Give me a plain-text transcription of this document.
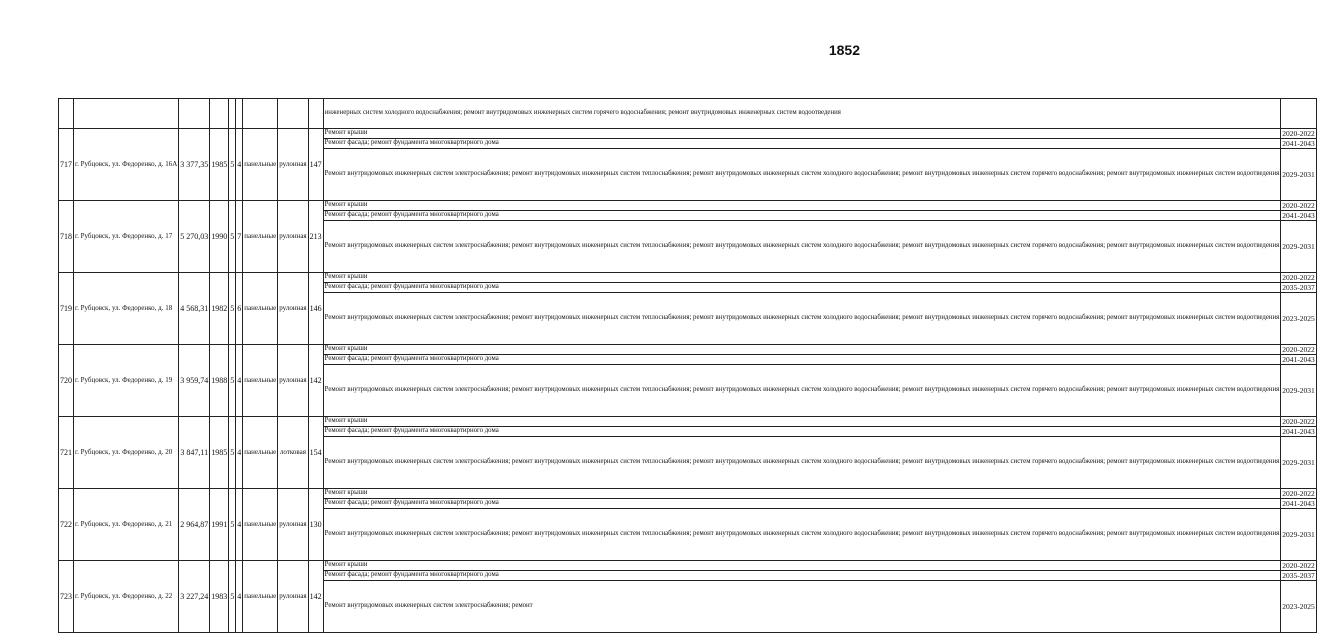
1852
									инженерных систем холодного водоснабжения; ремонт внутридомовых инженерных систем горячего водоснабжения; ремонт внутридомовых инженерных систем водоотведения	
717	г. Рубцовск, ул. Федоренко, д. 16А	3 377,35	1985	5	4	панельные	рулонная	147	Ремонт крыши	2020-2022
									Ремонт фасада; ремонт фундамента многоквартирного дома	2041-2043
									Ремонт внутридомовых инженерных систем электроснабжения; ремонт внутридомовых инженерных систем теплоснабжения; ремонт внутридомовых инженерных систем холодного водоснабжения; ремонт внутридомовых инженерных систем горячего водоснабжения; ремонт внутридомовых инженерных систем водоотведения	2029-2031
718	г. Рубцовск, ул. Федоренко, д. 17	5 270,03	1990	5	7	панельные	рулонная	213	Ремонт крыши	2020-2022
									Ремонт фасада; ремонт фундамента многоквартирного дома	2041-2043
									Ремонт внутридомовых инженерных систем электроснабжения; ремонт внутридомовых инженерных систем теплоснабжения; ремонт внутридомовых инженерных систем холодного водоснабжения; ремонт внутридомовых инженерных систем горячего водоснабжения; ремонт внутридомовых инженерных систем водоотведения	2029-2031
719	г. Рубцовск, ул. Федоренко, д. 18	4 568,31	1982	5	6	панельные	рулонная	146	Ремонт крыши	2020-2022
									Ремонт фасада; ремонт фундамента многоквартирного дома	2035-2037
									Ремонт внутридомовых инженерных систем электроснабжения; ремонт внутридомовых инженерных систем теплоснабжения; ремонт внутридомовых инженерных систем холодного водоснабжения; ремонт внутридомовых инженерных систем горячего водоснабжения; ремонт внутридомовых инженерных систем водоотведения	2023-2025
720	г. Рубцовск, ул. Федоренко, д. 19	3 959,74	1988	5	4	панельные	рулонная	142	Ремонт крыши	2020-2022
									Ремонт фасада; ремонт фундамента многоквартирного дома	2041-2043
									Ремонт внутридомовых инженерных систем электроснабжения; ремонт внутридомовых инженерных систем теплоснабжения; ремонт внутридомовых инженерных систем холодного водоснабжения; ремонт внутридомовых инженерных систем горячего водоснабжения; ремонт внутридомовых инженерных систем водоотведения	2029-2031
721	г. Рубцовск, ул. Федоренко, д. 20	3 847,11	1985	5	4	панельные	лотковая	154	Ремонт крыши	2020-2022
									Ремонт фасада; ремонт фундамента многоквартирного дома	2041-2043
									Ремонт внутридомовых инженерных систем электроснабжения; ремонт внутридомовых инженерных систем теплоснабжения; ремонт внутридомовых инженерных систем холодного водоснабжения; ремонт внутридомовых инженерных систем горячего водоснабжения; ремонт внутридомовых инженерных систем водоотведения	2029-2031
722	г. Рубцовск, ул. Федоренко, д. 21	2 964,87	1991	5	4	панельные	рулонная	130	Ремонт крыши	2020-2022
									Ремонт фасада; ремонт фундамента многоквартирного дома	2041-2043
									Ремонт внутридомовых инженерных систем электроснабжения; ремонт внутридомовых инженерных систем теплоснабжения; ремонт внутридомовых инженерных систем холодного водоснабжения; ремонт внутридомовых инженерных систем горячего водоснабжения; ремонт внутридомовых инженерных систем водоотведения	2029-2031
723	г. Рубцовск, ул. Федоренко, д. 22	3 227,24	1983	5	4	панельные	рулонная	142	Ремонт крыши	2020-2022
									Ремонт фасада; ремонт фундамента многоквартирного дома	2035-2037
									Ремонт внутридомовых инженерных систем электроснабжения; ремонт	2023-2025
